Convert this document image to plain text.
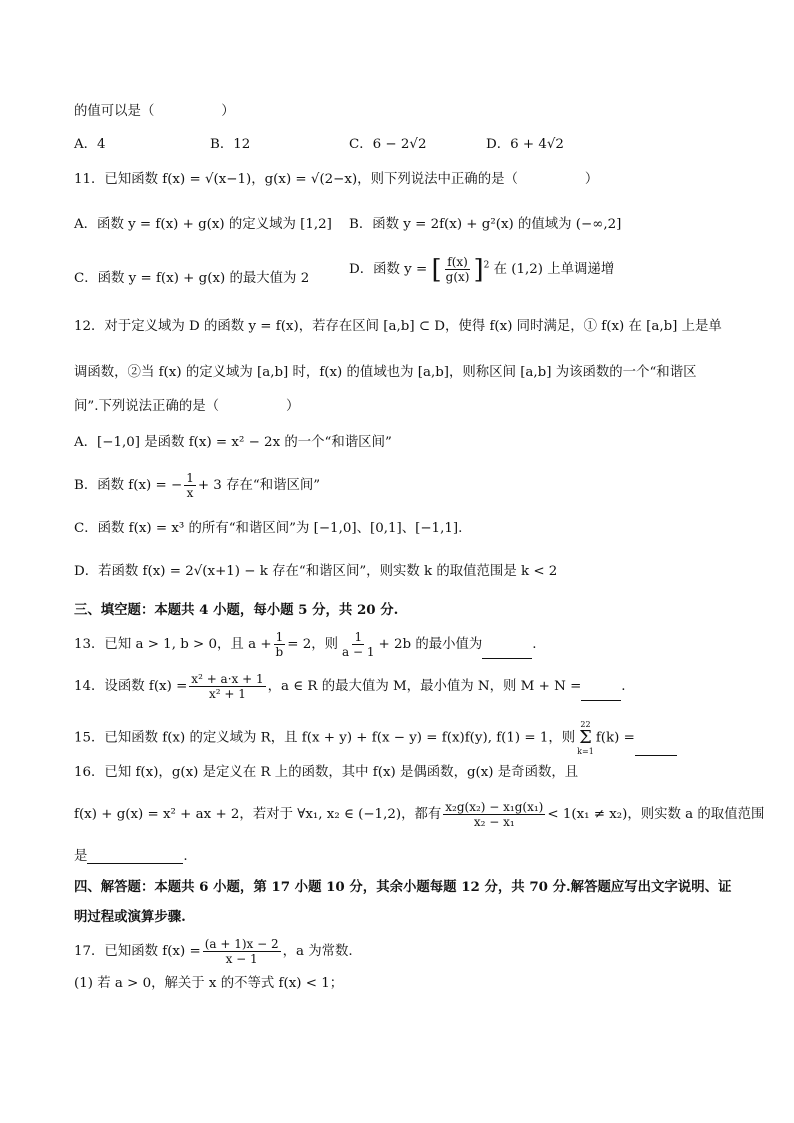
的值可以是（　　　　　）
A．4	B．12	C．6 − 2√2	D．6 + 4√2
11．已知函数 f(x) = √(x−1)，g(x) = √(2−x)，则下列说法中正确的是（　　　　　）
A．函数 y = f(x) + g(x) 的定义域为 [1,2] B．函数 y = 2f(x) + g²(x) 的值域为 (−∞,2]
C．函数 y = f(x) + g(x) 的最大值为 2
D．函数 y = [ $\frac{f(x)}{g(x)} ]^2$ 在 (1,2) 上单调递增
12．对于定义域为 D 的函数 y = f(x)，若存在区间 [a,b] ⊂ D，使得 f(x) 同时满足，① f(x) 在 [a,b] 上是单
调函数，②当 f(x) 的定义域为 [a,b] 时，f(x) 的值域也为 [a,b]，则称区间 [a,b] 为该函数的一个“和谐区
间”.下列说法正确的是（　　　　　）
A．[−1,0] 是函数 f(x) = x² − 2x 的一个“和谐区间”
B．函数 f(x) = − $\frac{1}{x} + 3$ 存在“和谐区间”
C．函数 f(x) = x³ 的所有“和谐区间”为 [−1,0]、[0,1]、[−1,1].
D．若函数 f(x) = 2√(x+1) − k 存在“和谐区间”，则实数 k 的取值范围是 k < 2
三、填空题：本题共 4 小题，每小题 5 分，共 20 分.
13．已知 a > 1, b > 0，且 $a + \frac{1}{b} = 2$，则 $\frac{1}{a - 1} + 2b$ 的最小值为	.
14．设函数 $f(x) = \frac{\text{x² + a·x + 1}}{\text{x² + 1}}$ ，a ∈ R 的最大值为 M，最小值为 N，则 M + N =	.
15．已知函数 f(x) 的定义域为 R，且 f(x + y) + f(x − y) = f(x)f(y), f(1) = 1，则
22
Σ
k=1
f(k) =
16．已知 f(x)，g(x) 是定义在 R 上的函数，其中 f(x) 是偶函数，g(x) 是奇函数，且
f(x) + g(x) = x² + ax + 2，若对于 ∀x₁, x₂ ∈ (−1,2)，都有 $\frac{\text{x₂g(x₂) − x₁g(x₁)}}{\text{x₂ − x₁}} < 1(x_1 \ne x_2)$，则实数 a 的取值范围
是	.
四、解答题：本题共 6 小题，第 17 小题 10 分，其余小题每题 12 分，共 70 分.解答题应写出文字说明、证
明过程或演算步骤.
17．已知函数 $f(x) = \frac{(a + 1)x - 2}{x - 1}$ ，a 为常数.
(1) 若 a > 0，解关于 x 的不等式 f(x) < 1；
